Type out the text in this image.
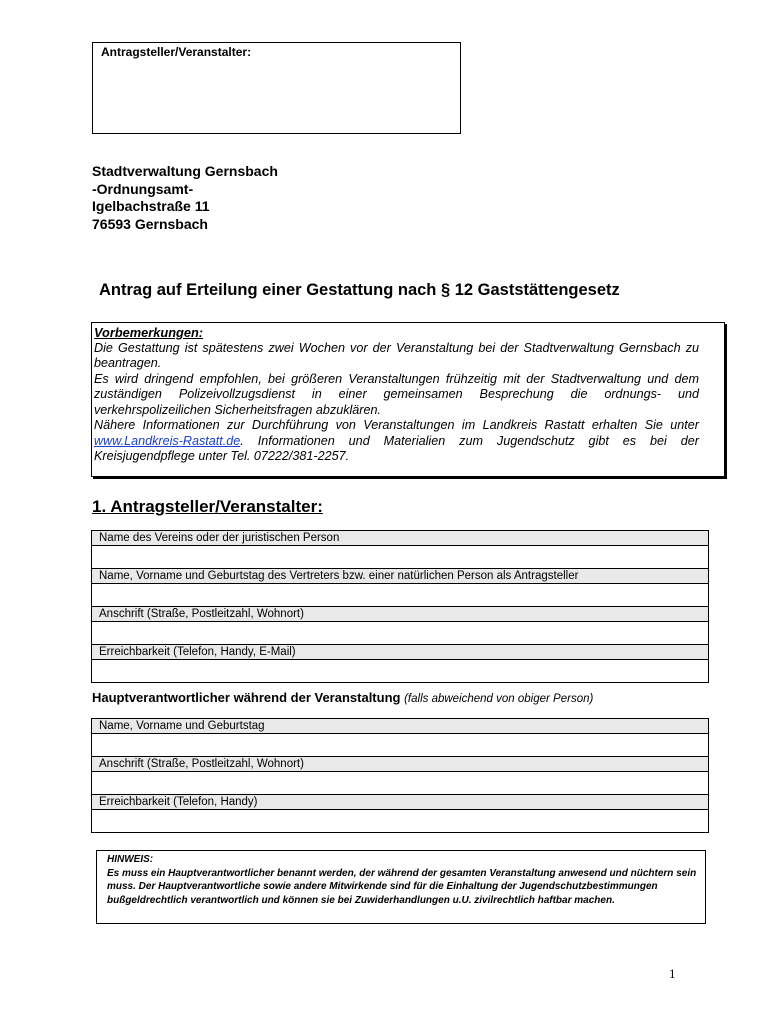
Antragsteller/Veranstalter:
Stadtverwaltung Gernsbach
-Ordnungsamt-
Igelbachstraße 11
76593 Gernsbach
Antrag auf Erteilung einer Gestattung nach § 12 Gaststättengesetz
Vorbemerkungen:

Die Gestattung ist spätestens zwei Wochen vor der Veranstaltung bei der Stadtverwaltung Gernsbach zu beantragen.

Es wird dringend empfohlen, bei größeren Veranstaltungen frühzeitig mit der Stadtverwaltung und dem zuständigen Polizeivollzugsdienst in einer gemeinsamen Besprechung die ordnungs- und verkehrspolizeilichen Sicherheitsfragen abzuklären.

Nähere Informationen zur Durchführung von Veranstaltungen im Landkreis Rastatt erhalten Sie unter www.Landkreis-Rastatt.de. Informationen und Materialien zum Jugendschutz gibt es bei der Kreisjugendpflege unter Tel. 07222/381-2257.

1. Antragsteller/Veranstalter:
Name des Vereins oder der juristischen Person
Name, Vorname und Geburtstag des Vertreters bzw. einer natürlichen Person als Antragsteller
Anschrift (Straße, Postleitzahl, Wohnort)
Erreichbarkeit (Telefon, Handy, E-Mail)
Hauptverantwortlicher während der Veranstaltung (falls abweichend von obiger Person)
Name, Vorname und Geburtstag
Anschrift (Straße, Postleitzahl, Wohnort)
Erreichbarkeit (Telefon, Handy)
HINWEIS:
Es muss ein Hauptverantwortlicher benannt werden, der während der gesamten Veranstaltung anwesend und nüchtern sein muss. Der Hauptverantwortliche sowie andere Mitwirkende sind für die Einhaltung der Jugendschutzbestimmungen bußgeldrechtlich verantwortlich und können sie bei Zuwiderhandlungen u.U. zivilrechtlich haftbar machen.
1
